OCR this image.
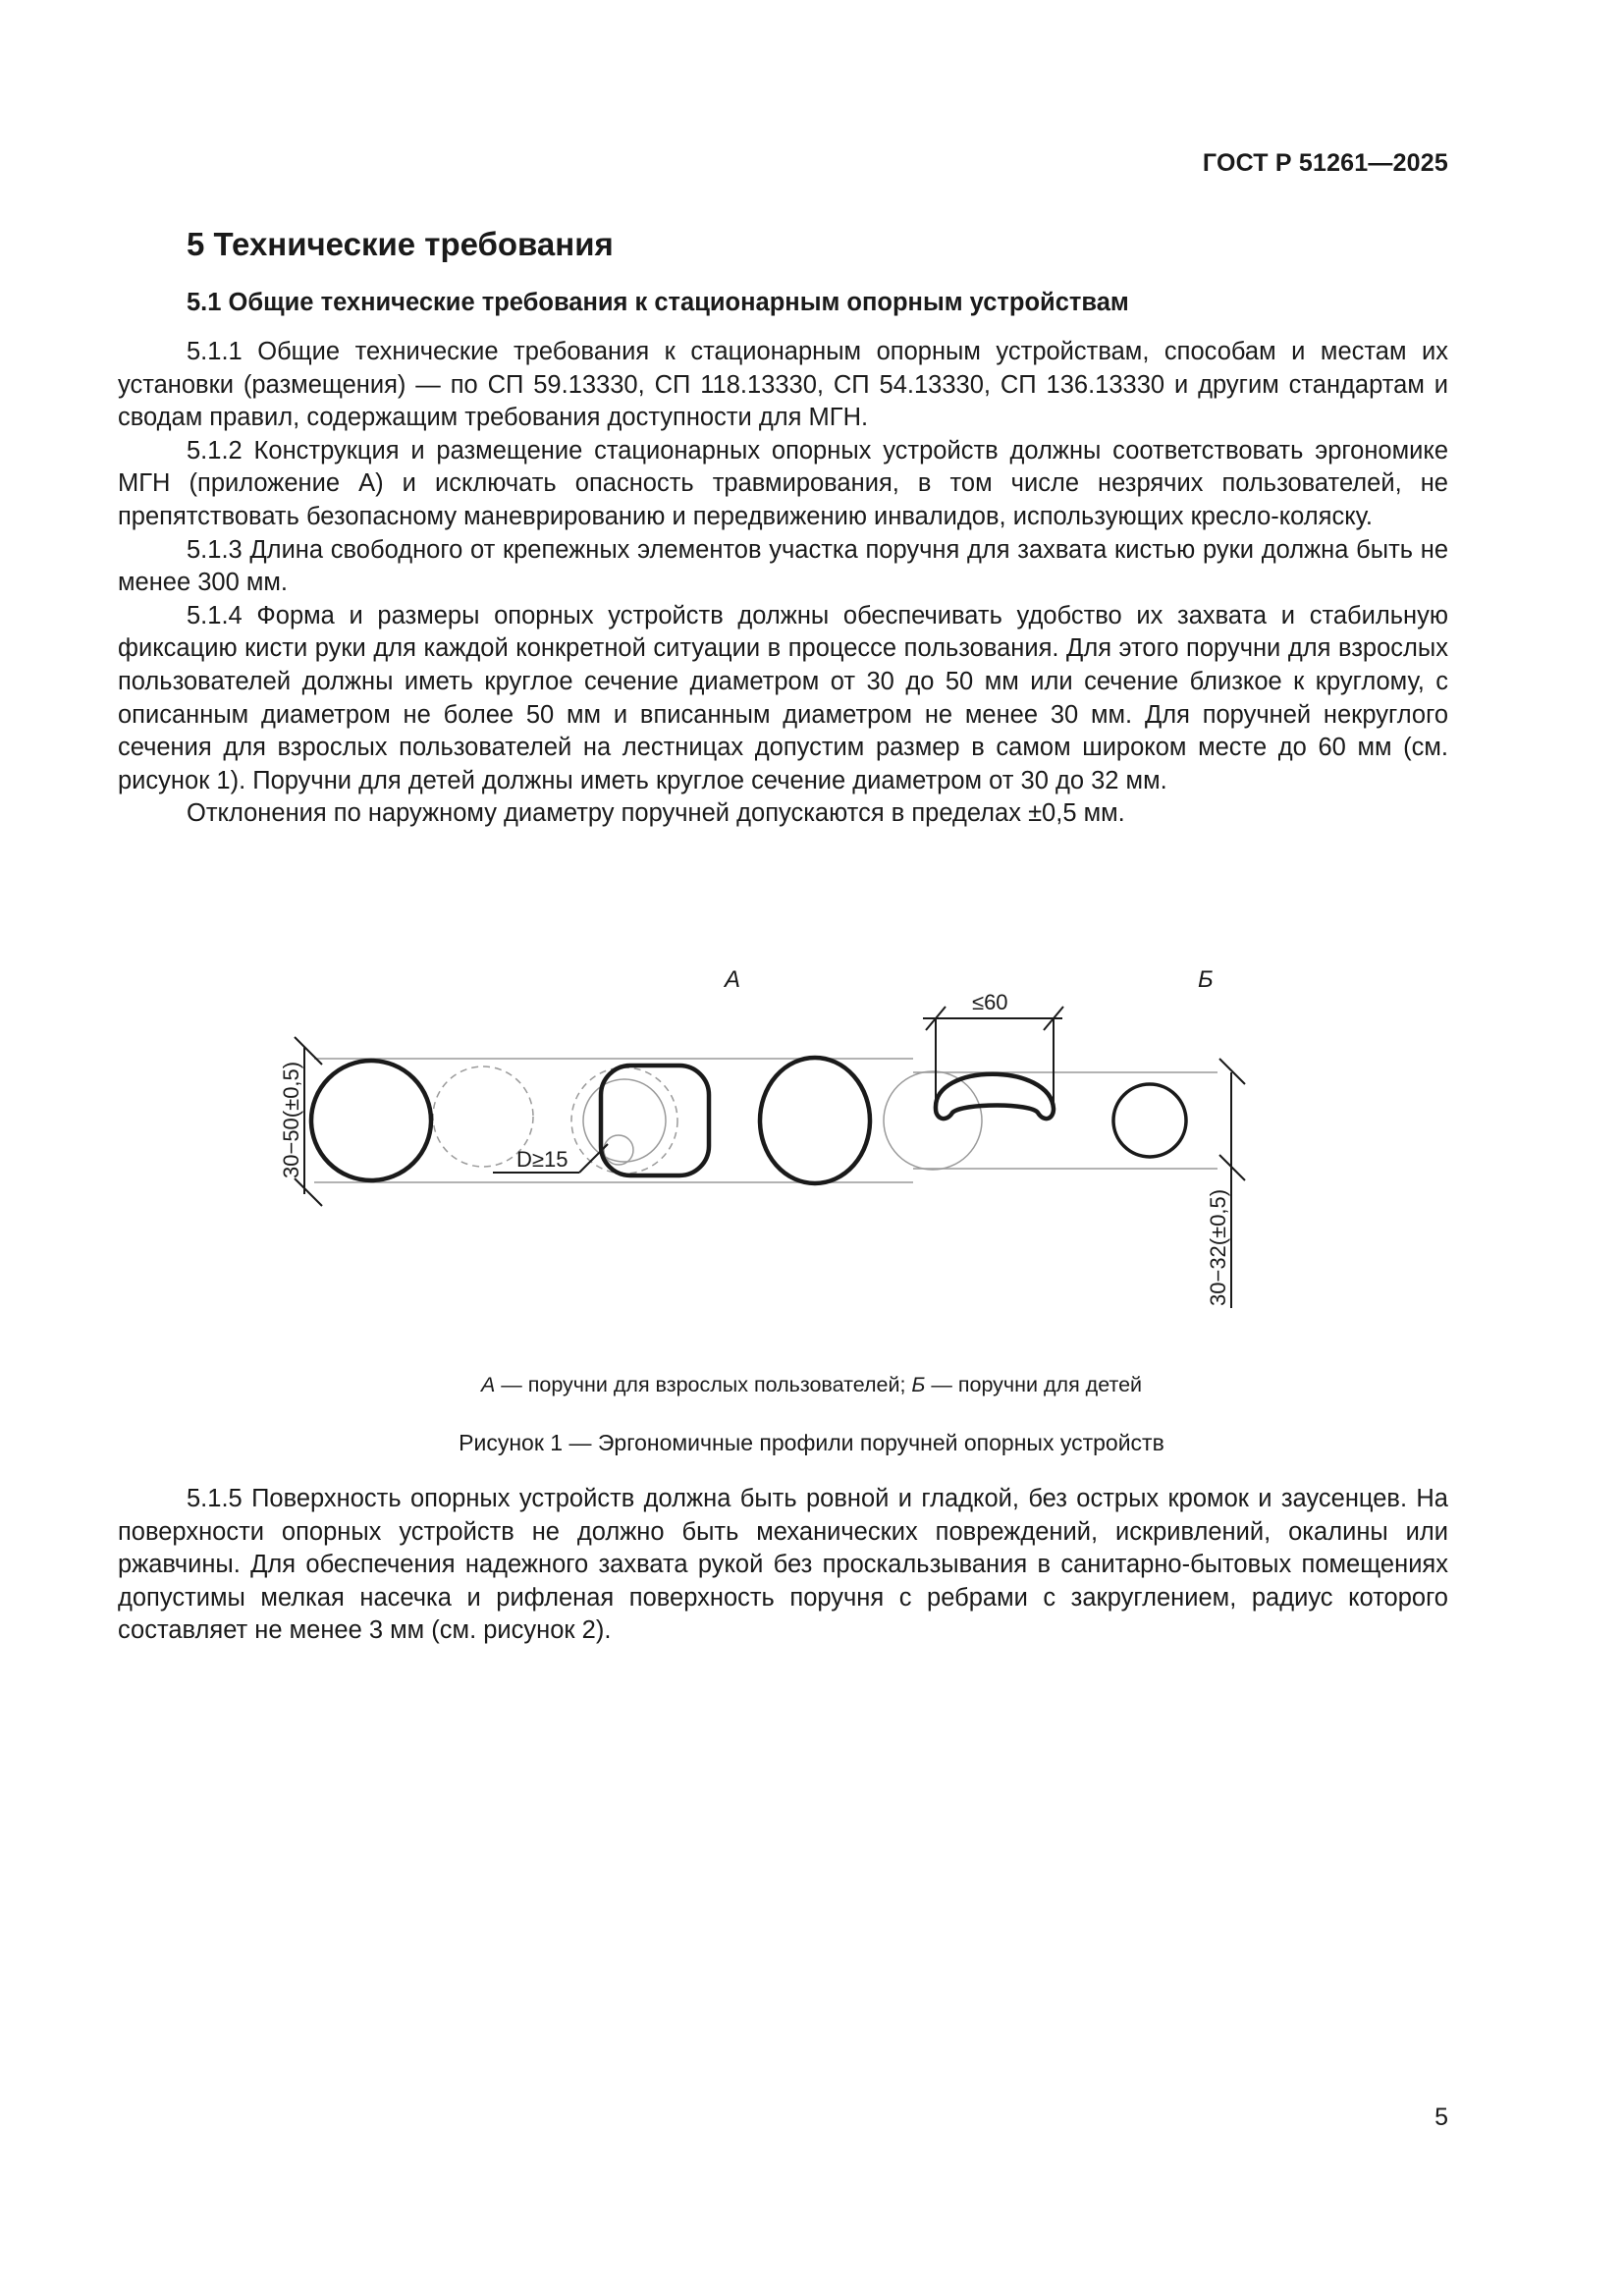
ГОСТ Р 51261—2025
5 Технические требования
5.1 Общие технические требования к стационарным опорным устройствам

5.1.1 Общие технические требования к стационарным опорным устройствам, способам и местам их установки (размещения) — по СП 59.13330, СП 118.13330, СП 54.13330, СП 136.13330 и другим стандартам и сводам правил, содержащим требования доступности для МГН.

5.1.2 Конструкция и размещение стационарных опорных устройств должны соответствовать эргономике МГН (приложение А) и исключать опасность травмирования, в том числе незрячих пользователей, не препятствовать безопасному маневрированию и передвижению инвалидов, использующих кресло-коляску.

5.1.3 Длина свободного от крепежных элементов участка поручня для захвата кистью руки должна быть не менее 300 мм.

5.1.4 Форма и размеры опорных устройств должны обеспечивать удобство их захвата и стабильную фиксацию кисти руки для каждой конкретной ситуации в процессе пользования. Для этого поручни для взрослых пользователей должны иметь круглое сечение диаметром от 30 до 50 мм или сечение близкое к круглому, с описанным диаметром не более 50 мм и вписанным диаметром не менее 30 мм. Для поручней некруглого сечения для взрослых пользователей на лестницах допустим размер в самом широком месте до 60 мм (см. рисунок 1). Поручни для детей должны иметь круглое сечение диаметром от 30 до 32 мм.

Отклонения по наружному диаметру поручней допускаются в пределах ±0,5 мм.

А	Б
30−50(±0,5)	D≥15
≤60
30−32(±0,5)
А — поручни для взрослых пользователей; Б — поручни для детей
Рисунок 1 — Эргономичные профили поручней опорных устройств

5.1.5 Поверхность опорных устройств должна быть ровной и гладкой, без острых кромок и заусенцев. На поверхности опорных устройств не должно быть механических повреждений, искривлений, окалины или ржавчины. Для обеспечения надежного захвата рукой без проскальзывания в санитарно-бытовых помещениях допустимы мелкая насечка и рифленая поверхность поручня с ребрами с закруглением, радиус которого составляет не менее 3 мм (см. рисунок 2).

5
